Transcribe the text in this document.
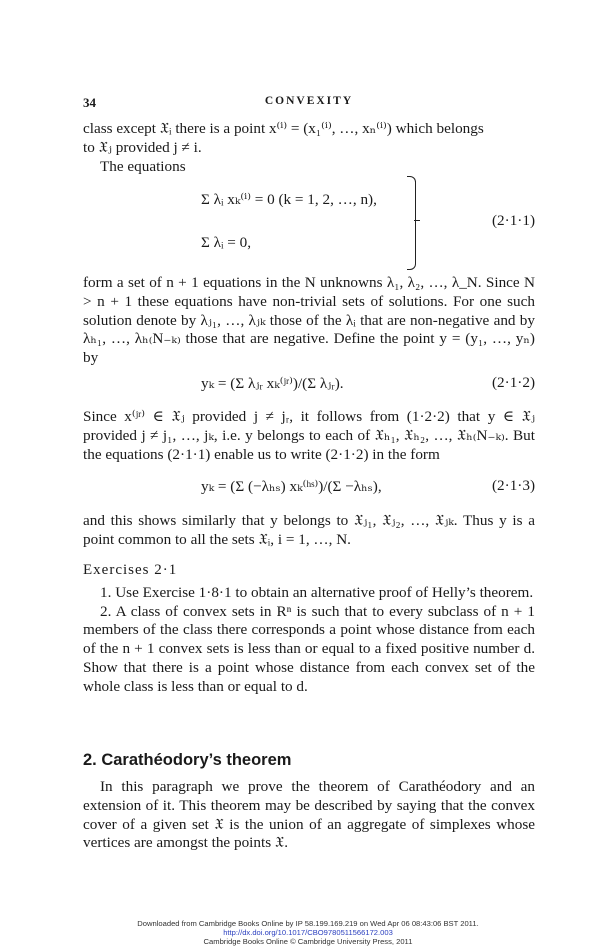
34	CONVEXITY

class except 𝔛ᵢ there is a point x⁽ⁱ⁾ = (x₁⁽ⁱ⁾, …, xₙ⁽ⁱ⁾) which belongs

to 𝔛ⱼ provided j ≠ i.

The equations

Σ λᵢ xₖ⁽ⁱ⁾ = 0 (k = 1, 2, …, n),
Σ λᵢ = 0,
(2·1·1)

form a set of n + 1 equations in the N unknowns λ₁, λ₂, …, λ_N. Since N > n + 1 these equations have non-trivial sets of solutions. For one such solution denote by λⱼ₁, …, λⱼₖ those of the λᵢ that are non-negative and by λₕ₁, …, λₕ₍N₋ₖ₎ those that are negative. Define the point y = (y₁, …, yₙ) by

yₖ = (Σ λⱼᵣ xₖ⁽ʲʳ⁾)/(Σ λⱼᵣ).	(2·1·2)

Since x⁽ʲʳ⁾ ∈ 𝔛ⱼ provided j ≠ jᵣ, it follows from (1·2·2) that y ∈ 𝔛ⱼ provided j ≠ j₁, …, jₖ, i.e. y belongs to each of 𝔛ₕ₁, 𝔛ₕ₂, …, 𝔛ₕ₍N₋ₖ₎. But the equations (2·1·1) enable us to write (2·1·2) in the form

yₖ = (Σ (−λₕₛ) xₖ⁽ʰˢ⁾)/(Σ −λₕₛ),	(2·1·3)

and this shows similarly that y belongs to 𝔛ⱼ₁, 𝔛ⱼ₂, …, 𝔛ⱼₖ. Thus y is a point common to all the sets 𝔛ᵢ, i = 1, …, N.

Exercises 2·1

1. Use Exercise 1·8·1 to obtain an alternative proof of Helly’s theorem.

2. A class of convex sets in Rⁿ is such that to every subclass of n + 1 members of the class there corresponds a point whose distance from each of the n + 1 convex sets is less than or equal to a fixed positive number d. Show that there is a point whose distance from each convex set of the whole class is less than or equal to d.

2. Carathéodory’s theorem

In this paragraph we prove the theorem of Carathéodory and an extension of it. This theorem may be described by saying that the convex cover of a given set 𝔛 is the union of an aggregate of simplexes whose vertices are amongst the points 𝔛.

Downloaded from Cambridge Books Online by IP 58.199.169.219 on Wed Apr 06 08:43:06 BST 2011.
http://dx.doi.org/10.1017/CBO9780511566172.003
Cambridge Books Online © Cambridge University Press, 2011
